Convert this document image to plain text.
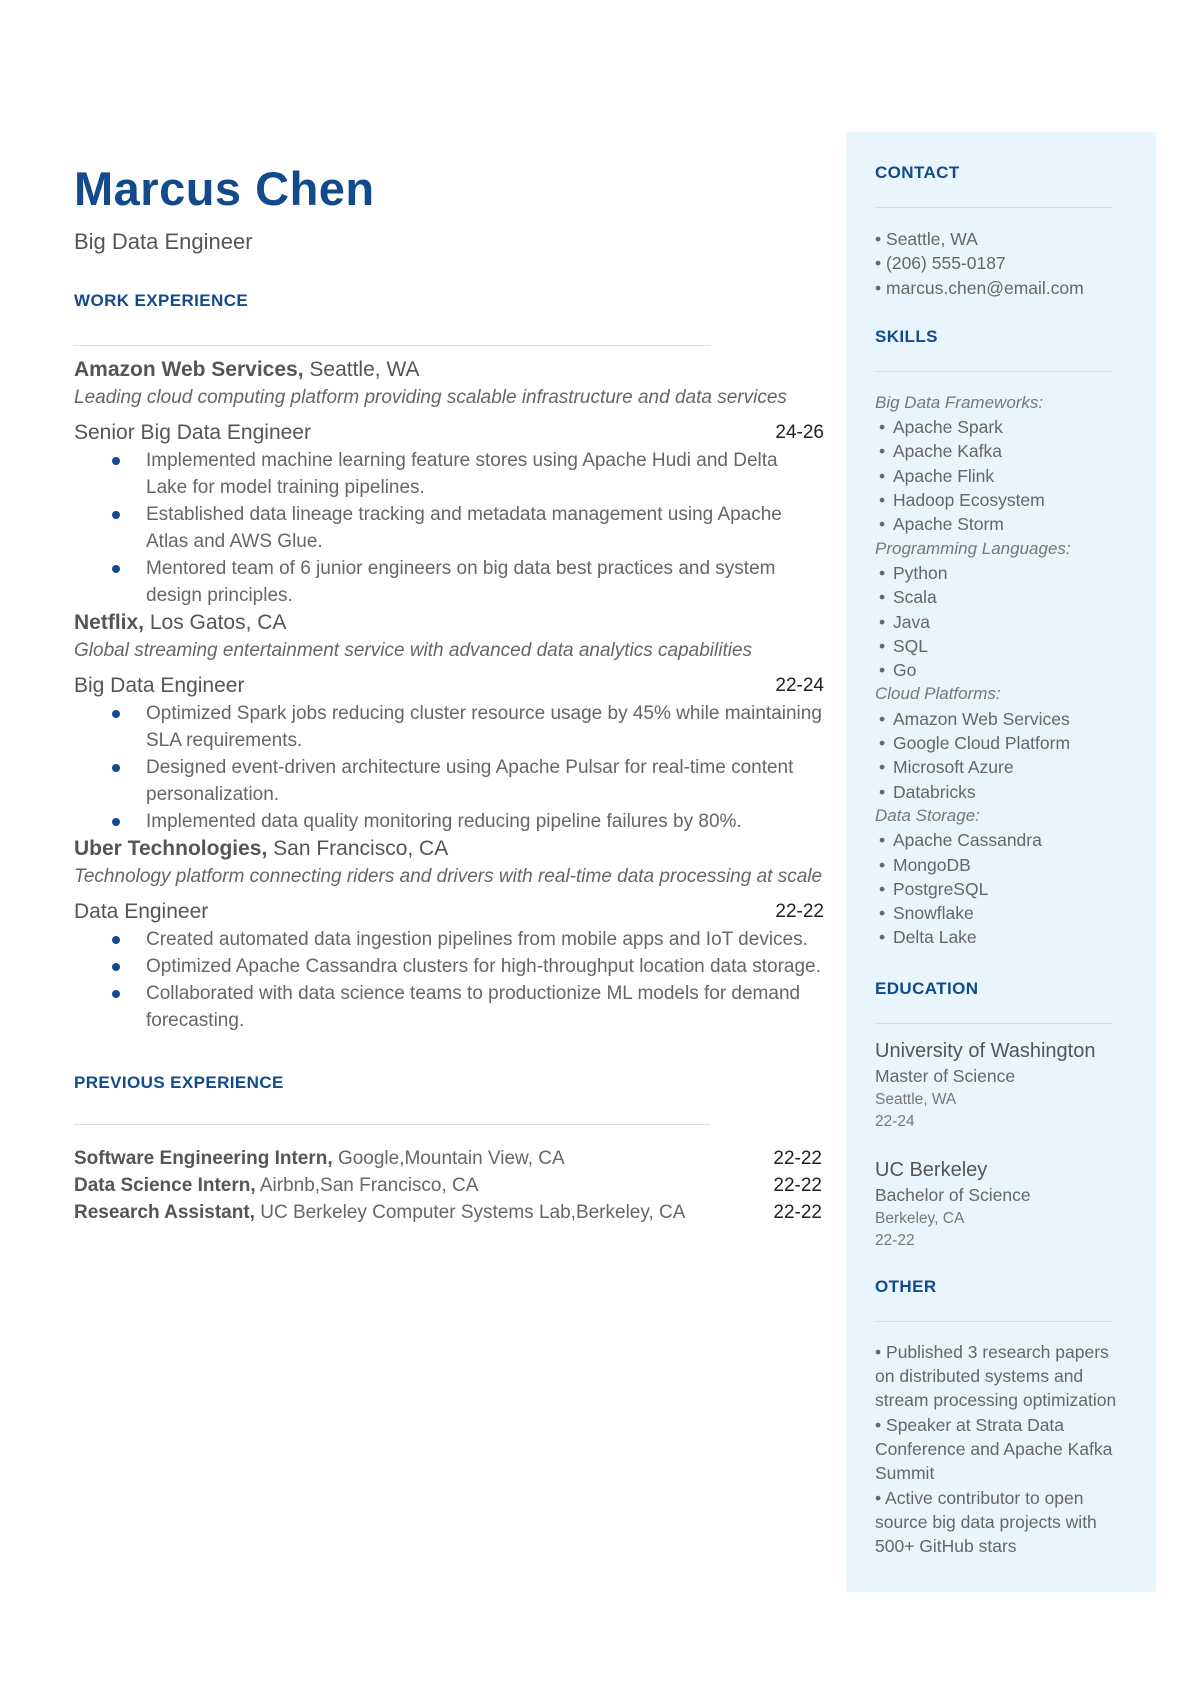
Marcus Chen
Big Data Engineer
WORK EXPERIENCE
Amazon Web Services, Seattle, WA
Leading cloud computing platform providing scalable infrastructure and data services
Senior Big Data Engineer	24-26
Implemented machine learning feature stores using Apache Hudi and Delta Lake for model training pipelines.
Established data lineage tracking and metadata management using Apache Atlas and AWS Glue.
Mentored team of 6 junior engineers on big data best practices and system design principles.
Netflix, Los Gatos, CA
Global streaming entertainment service with advanced data analytics capabilities
Big Data Engineer	22-24
Optimized Spark jobs reducing cluster resource usage by 45% while maintaining SLA requirements.
Designed event-driven architecture using Apache Pulsar for real-time content personalization.
Implemented data quality monitoring reducing pipeline failures by 80%.
Uber Technologies, San Francisco, CA
Technology platform connecting riders and drivers with real-time data processing at scale
Data Engineer	22-22
Created automated data ingestion pipelines from mobile apps and IoT devices.
Optimized Apache Cassandra clusters for high-throughput location data storage.
Collaborated with data science teams to productionize ML models for demand forecasting.
PREVIOUS EXPERIENCE
Software Engineering Intern, Google,Mountain View, CA	22-22
Data Science Intern, Airbnb,San Francisco, CA	22-22
Research Assistant, UC Berkeley Computer Systems Lab,Berkeley, CA	22-22
CONTACT
• Seattle, WA
• (206) 555-0187
• marcus.chen@email.com
SKILLS
Big Data Frameworks:
• Apache Spark
• Apache Kafka
• Apache Flink
• Hadoop Ecosystem
• Apache Storm
Programming Languages:
• Python
• Scala
• Java
• SQL
• Go
Cloud Platforms:
• Amazon Web Services
• Google Cloud Platform
• Microsoft Azure
• Databricks
Data Storage:
• Apache Cassandra
• MongoDB
• PostgreSQL
• Snowflake
• Delta Lake
EDUCATION
University of Washington
Master of Science
Seattle, WA
22-24
UC Berkeley
Bachelor of Science
Berkeley, CA
22-22
OTHER
• Published 3 research papers on distributed systems and stream processing optimization
• Speaker at Strata Data Conference and Apache Kafka Summit
• Active contributor to open source big data projects with 500+ GitHub stars
